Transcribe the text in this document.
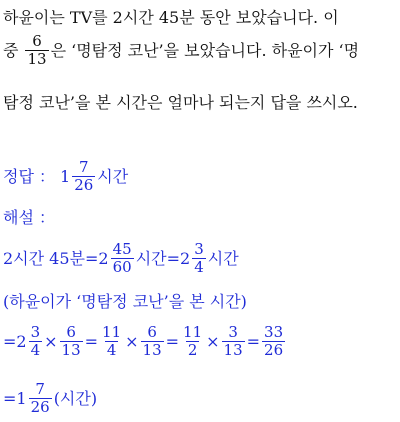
하윤이는 TV를 2시간 45분 동안 보았습니다. 이
중 $\frac{6}{13}$ 은 ‘명탐정 코난’을 보았습니다. 하윤이가 ‘명
탐정 코난’을 본 시간은 얼마나 되는지 답을 쓰시오.
정답 ： $1 \frac{7}{26}$ 시간
해설 ：
2시간 45분= $2 \frac{45}{60}$ 시간= $2 \frac{3}{4}$ 시간
(하윤이가 ‘명탐정 코난’을 본 시간)
= $2 \frac{3}{4} \times \frac{6}{13} = \frac{11}{4} \times \frac{6}{13} = \frac{11}{2} \times \frac{3}{13} = \frac{33}{26}$
= $1 \frac{7}{26}$ (시간)
